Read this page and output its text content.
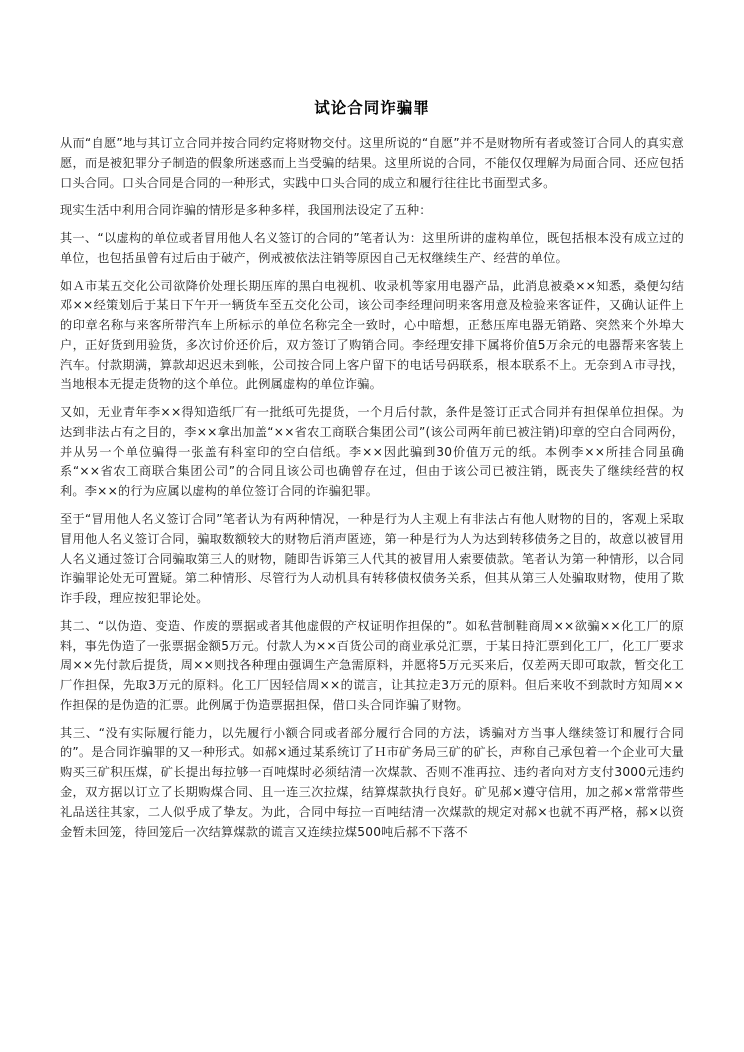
试论合同诈骗罪

从而“自愿”地与其订立合同并按合同约定将财物交付。这里所说的“自愿”并不是财物所有者或签订合同人的真实意愿，而是被犯罪分子制造的假象所迷惑而上当受骗的结果。这里所说的合同，不能仅仅理解为局面合同、还应包括口头合同。口头合同是合同的一种形式，实践中口头合同的成立和履行往往比书面型式多。

现实生活中利用合同诈骗的情形是多种多样，我国刑法设定了五种：

其一、“以虚构的单位或者冒用他人名义签订的合同的”笔者认为：这里所讲的虚构单位，既包括根本没有成立过的单位，也包括虽曾有过后由于破产，例戒被依法注销等原因自己无权继续生产、经营的单位。

如Ａ市某五交化公司欲降价处理长期压库的黑白电视机、收录机等家用电器产品，此消息被桑××知悉，桑便勾结邓××经策划后于某日下午开一辆货车至五交化公司，该公司李经理问明来客用意及检验来客证件，又确认证件上的印章名称与来客所带汽车上所标示的单位名称完全一致时，心中暗想，正愁压库电器无销路、突然来个外埠大户，正好货到用验货，多次讨价还价后，双方签订了购销合同。李经理安排下属将价值5万余元的电器帮来客装上汽车。付款期满，算款却迟迟未到帐，公司按合同上客户留下的电话号码联系，根本联系不上。无奈到Ａ市寻找，当地根本无提走货物的这个单位。此例属虚构的单位诈骗。

又如，无业青年李××得知造纸厂有一批纸可先提货，一个月后付款，条件是签订正式合同并有担保单位担保。为达到非法占有之目的，李××拿出加盖“××省农工商联合集团公司”(该公司两年前已被注销)印章的空白合同两份，并从另一个单位骗得一张盖有科室印的空白信纸。李××因此骗到30价值万元的纸。本例李××所挂合同虽确系“××省农工商联合集团公司”的合同且该公司也确曾存在过，但由于该公司已被注销，既丧失了继续经营的权利。李××的行为应属以虚构的单位签订合同的诈骗犯罪。

至于“冒用他人名义签订合同”笔者认为有两种情况，一种是行为人主观上有非法占有他人财物的目的，客观上采取冒用他人名义签订合同，骗取数额较大的财物后消声匿迹，第一种是行为人为达到转移债务之目的，故意以被冒用人名义通过签订合同骗取第三人的财物，随即告诉第三人代其的被冒用人索要债款。笔者认为第一种情形，以合同诈骗罪论处无可置疑。第二种情形、尽管行为人动机具有转移债权债务关系，但其从第三人处骗取财物，使用了欺诈手段，理应按犯罪论处。

其二、“以伪造、变造、作废的票据或者其他虚假的产权证明作担保的”。如私营制鞋商周××欲骗××化工厂的原料，事先伪造了一张票据金额5万元。付款人为××百货公司的商业承兑汇票，于某日持汇票到化工厂，化工厂要求周××先付款后提货，周××则找各种理由强调生产急需原料，并愿将5万元买来后，仅差两天即可取款，暂交化工厂作担保，先取3万元的原料。化工厂因轻信周××的谎言，让其拉走3万元的原料。但后来收不到款时方知周××作担保的是伪造的汇票。此例属于伪造票据担保，借口头合同诈骗了财物。

其三、“没有实际履行能力，以先履行小额合同或者部分履行合同的方法，诱骗对方当事人继续签订和履行合同的”。是合同诈骗罪的又一种形式。如郝×通过某系统订了Ｈ市矿务局三矿的矿长，声称自己承包着一个企业可大量购买三矿积压煤，矿长提出每拉够一百吨煤时必须结清一次煤款、否则不准再拉、违约者向对方支付3000元违约金，双方据以订立了长期购煤合同、且一连三次拉煤，结算煤款执行良好。矿见郝×遵守信用，加之郝×常常带些礼品送往其家，二人似乎成了挚友。为此，合同中每拉一百吨结清一次煤款的规定对郝×也就不再严格，郝×以资金暂未回笼，待回笼后一次结算煤款的谎言又连续拉煤500吨后郝不下落不
